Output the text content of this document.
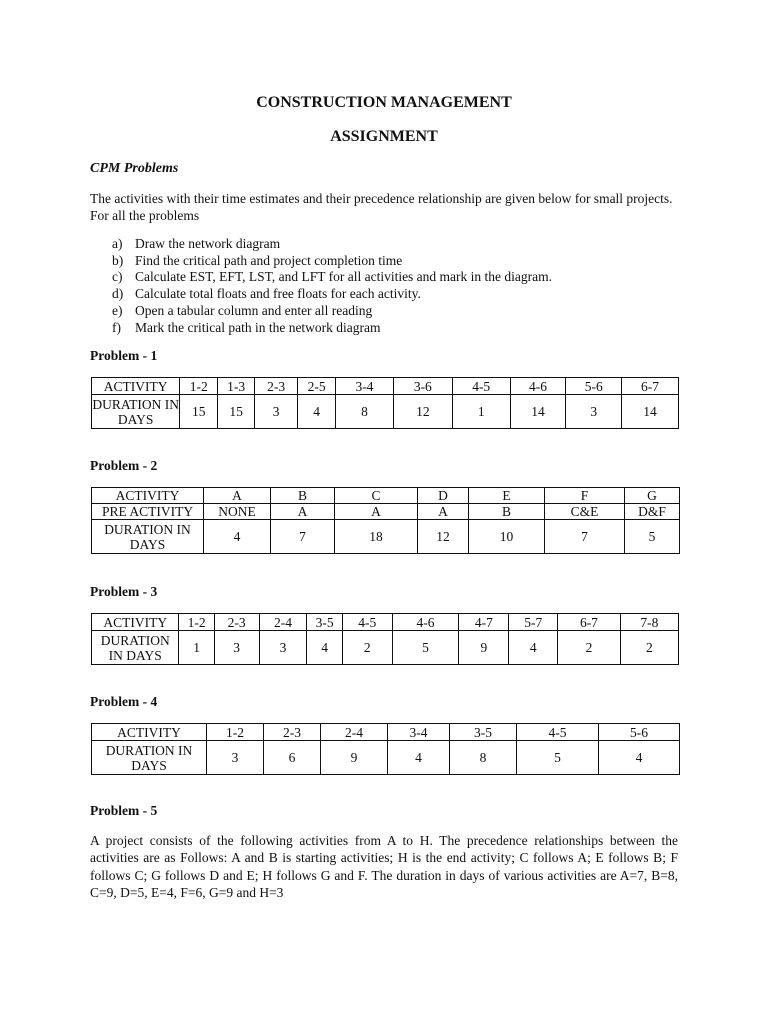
CONSTRUCTION MANAGEMENT
ASSIGNMENT
CPM Problems
The activities with their time estimates and their precedence relationship are given below for small projects. For all the problems
a) Draw the network diagram
b) Find the critical path and project completion time
c) Calculate EST, EFT, LST, and LFT for all activities and mark in the diagram.
d) Calculate total floats and free floats for each activity.
e) Open a tabular column and enter all reading
f) Mark the critical path in the network diagram
Problem - 1
ACTIVITY	1-2	1-3	2-3	2-5	3-4	3-6	4-5	4-6	5-6	6-7
DURATION IN DAYS	15	15	3	4	8	12	1	14	3	14
Problem - 2
ACTIVITY	A	B	C	D	E	F	G
PRE ACTIVITY	NONE	A	A	A	B	C&E	D&F
DURATION IN DAYS	4	7	18	12	10	7	5
Problem - 3
ACTIVITY	1-2	2-3	2-4	3-5	4-5	4-6	4-7	5-7	6-7	7-8
DURATION IN DAYS	1	3	3	4	2	5	9	4	2	2
Problem - 4
ACTIVITY	1-2	2-3	2-4	3-4	3-5	4-5	5-6
DURATION IN DAYS	3	6	9	4	8	5	4
Problem - 5
A project consists of the following activities from A to H. The precedence relationships between the activities are as Follows: A and B is starting activities; H is the end activity; C follows A; E follows B; F follows C; G follows D and E; H follows G and F. The duration in days of various activities are A=7, B=8, C=9, D=5, E=4, F=6, G=9 and H=3
